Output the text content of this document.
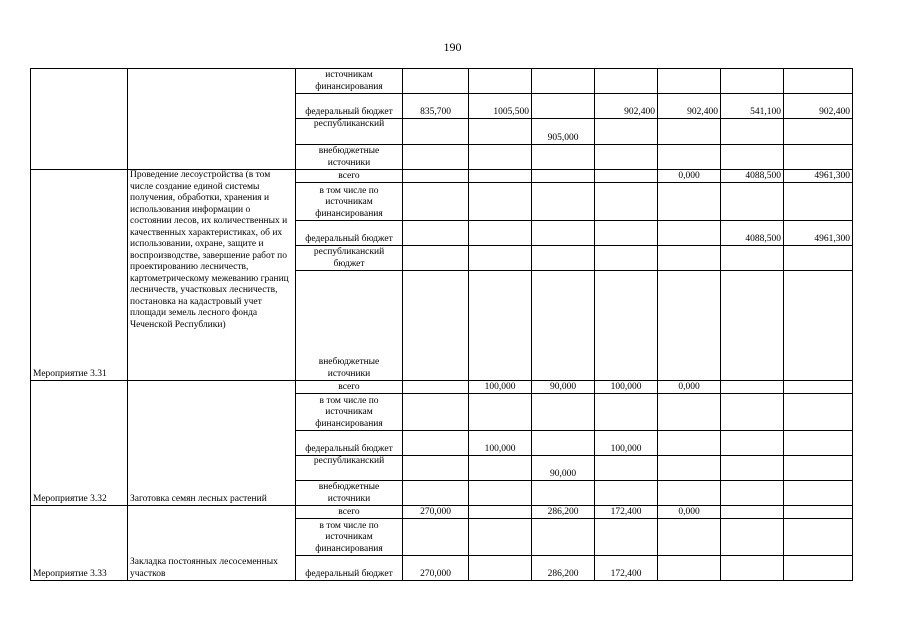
190
		источникам финансирования							
		федеральный бюджет	835,700	1005,500		902,400	902,400	541,100	902,400
		республиканский			905,000				
		внебюджетные источники							
Мероприятие 3.31	Проведение лесоустройства (в том числе создание единой системы получения, обработки, хранения и использования информации о состоянии лесов, их количественных и качественных характеристиках, об их использовании, охране, защите и воспроизводстве, завершение работ по проектированию лесничеств, картометрическому межеванию границ лесничеств, участковых лесничеств, постановка на кадастровый учет площади земель лесного фонда Чеченской Республики)	всего					0,000	4088,500	4961,300
		в том числе по источникам финансирования							
		федеральный бюджет						4088,500	4961,300
		республиканский бюджет							
		внебюджетные источники							
Мероприятие 3.32	Заготовка семян лесных растений	всего		100,000	90,000	100,000	0,000		
		в том числе по источникам финансирования							
		федеральный бюджет		100,000		100,000			
		республиканский			90,000				
		внебюджетные источники							
Мероприятие 3.33	Закладка постоянных лесосеменных участков	всего	270,000		286,200	172,400	0,000		
		в том числе по источникам финансирования							
		федеральный бюджет	270,000		286,200	172,400			
